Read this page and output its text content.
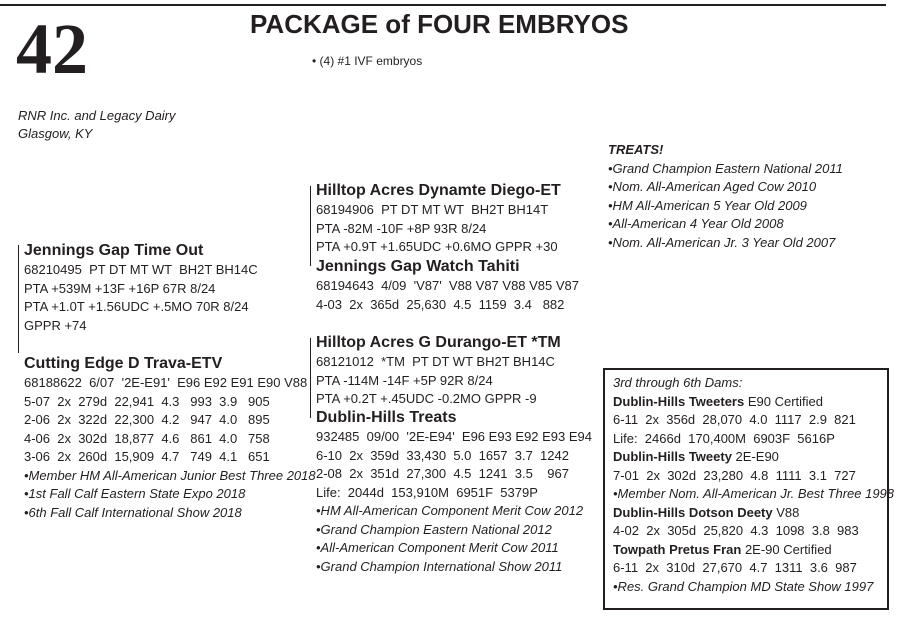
42	PACKAGE of FOUR EMBRYOS
• (4) #1 IVF embryos
RNR Inc. and Legacy Dairy
Glasgow, KY
Jennings Gap Time Out
68210495  PT DT MT WT  BH2T BH14C
PTA +539M +13F +16P 67R 8/24
PTA +1.0T +1.56UDC +.5MO 70R 8/24
GPPR +74
Cutting Edge D Trava-ETV
68188622  6/07  '2E-E91'  E96 E92 E91 E90 V88
5-07  2x  279d  22,941  4.3   993  3.9   905
2-06  2x  322d  22,300  4.2   947  4.0   895
4-06  2x  302d  18,877  4.6   861  4.0   758
3-06  2x  260d  15,909  4.7   749  4.1   651
•Member HM All-American Junior Best Three 2018
•1st Fall Calf Eastern State Expo 2018
•6th Fall Calf International Show 2018
Hilltop Acres Dynamte Diego-ET
68194906  PT DT MT WT  BH2T BH14T
PTA -82M -10F +8P 93R 8/24
PTA +0.9T +1.65UDC +0.6MO GPPR +30
Jennings Gap Watch Tahiti
68194643  4/09  'V87'  V88 V87 V88 V85 V87
4-03  2x  365d  25,630  4.5  1159  3.4   882
Hilltop Acres G Durango-ET *TM
68121012  *TM  PT DT WT BH2T BH14C
PTA -114M -14F +5P 92R 8/24
PTA +0.2T +.45UDC -0.2MO GPPR -9
Dublin-Hills Treats
932485  09/00  '2E-E94'  E96 E93 E92 E93 E94
6-10  2x  359d  33,430  5.0  1657  3.7  1242
2-08  2x  351d  27,300  4.5  1241  3.5    967
Life:  2044d  153,910M  6951F  5379P
•HM All-American Component Merit Cow 2012
•Grand Champion Eastern National 2012
•All-American Component Merit Cow 2011
•Grand Champion International Show 2011
TREATS!
•Grand Champion Eastern National 2011
•Nom. All-American Aged Cow 2010
•HM All-American 5 Year Old 2009
•All-American 4 Year Old 2008
•Nom. All-American Jr. 3 Year Old 2007
3rd through 6th Dams:
Dublin-Hills Tweeters E90 Certified
6-11  2x  356d  28,070  4.0  1117  2.9  821
Life:  2466d  170,400M  6903F  5616P
Dublin-Hills Tweety 2E-E90
7-01  2x  302d  23,280  4.8  1111  3.1  727
•Member Nom. All-American Jr. Best Three 1998
Dublin-Hills Dotson Deety V88
4-02  2x  305d  25,820  4.3  1098  3.8  983
Towpath Pretus Fran 2E-90 Certified
6-11  2x  310d  27,670  4.7  1311  3.6  987
•Res. Grand Champion MD State Show 1997
